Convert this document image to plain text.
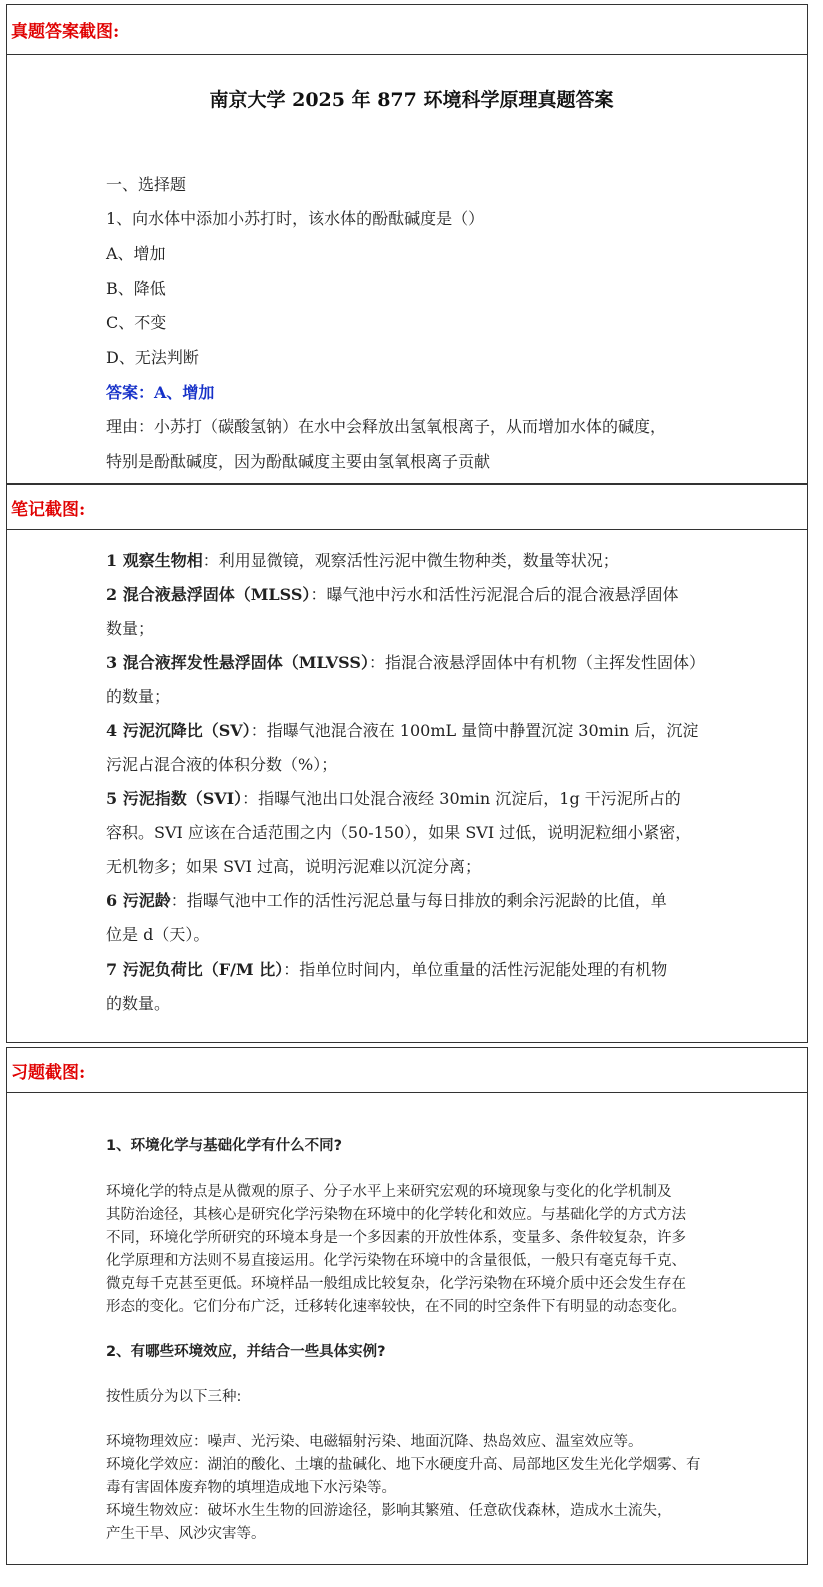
真题答案截图:
南京大学 2025 年 877 环境科学原理真题答案
一、选择题
1、向水体中添加小苏打时，该水体的酚酞碱度是（）
A、增加
B、降低
C、不变
D、无法判断
答案：A、增加
理由：小苏打（碳酸氢钠）在水中会释放出氢氧根离子，从而增加水体的碱度，
特别是酚酞碱度，因为酚酞碱度主要由氢氧根离子贡献
笔记截图:
1 观察生物相：利用显微镜，观察活性污泥中微生物种类，数量等状况；
2 混合液悬浮固体（MLSS）：曝气池中污水和活性污泥混合后的混合液悬浮固体
数量；
3 混合液挥发性悬浮固体（MLVSS）：指混合液悬浮固体中有机物（主挥发性固体）
的数量；
4 污泥沉降比（SV）：指曝气池混合液在 100mL 量筒中静置沉淀 30min 后，沉淀
污泥占混合液的体积分数（%）；
5 污泥指数（SVI）：指曝气池出口处混合液经 30min 沉淀后，1g 干污泥所占的
容积。SVI 应该在合适范围之内（50-150），如果 SVI 过低，说明泥粒细小紧密，
无机物多；如果 SVI 过高，说明污泥难以沉淀分离；
6 污泥龄：指曝气池中工作的活性污泥总量与每日排放的剩余污泥龄的比值，单
位是 d（天）。
7 污泥负荷比（F/M 比）：指单位时间内，单位重量的活性污泥能处理的有机物
的数量。
习题截图:
1、环境化学与基础化学有什么不同?
环境化学的特点是从微观的原子、分子水平上来研究宏观的环境现象与变化的化学机制及
其防治途径，其核心是研究化学污染物在环境中的化学转化和效应。与基础化学的方式方法
不同，环境化学所研究的环境本身是一个多因素的开放性体系，变量多、条件较复杂，许多
化学原理和方法则不易直接运用。化学污染物在环境中的含量很低，一般只有毫克每千克、
微克每千克甚至更低。环境样品一般组成比较复杂，化学污染物在环境介质中还会发生存在
形态的变化。它们分布广泛，迁移转化速率较快，在不同的时空条件下有明显的动态变化。
2、有哪些环境效应，并结合一些具体实例?
按性质分为以下三种:
环境物理效应：噪声、光污染、电磁辐射污染、地面沉降、热岛效应、温室效应等。
环境化学效应：湖泊的酸化、土壤的盐碱化、地下水硬度升高、局部地区发生光化学烟雾、有
毒有害固体废弃物的填埋造成地下水污染等。
环境生物效应：破坏水生生物的回游途径，影响其繁殖、任意砍伐森林，造成水土流失，
产生干旱、风沙灾害等。
